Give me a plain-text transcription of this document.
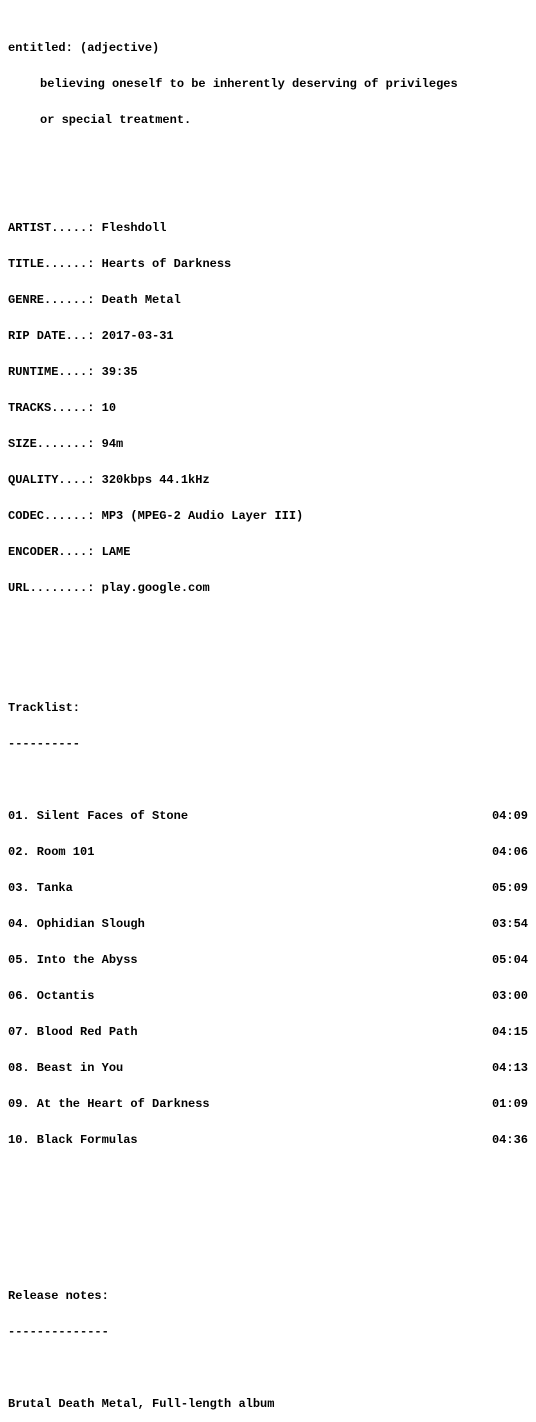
entitled: (adjective)

believing oneself to be inherently deserving of privileges

or special treatment.

ARTIST.....: Fleshdoll

TITLE......: Hearts of Darkness

GENRE......: Death Metal

RIP DATE...: 2017-03-31

RUNTIME....: 39:35

TRACKS.....: 10

SIZE.......: 94m

QUALITY....: 320kbps 44.1kHz

CODEC......: MP3 (MPEG-2 Audio Layer III)

ENCODER....: LAME

URL........: play.google.com

Tracklist:

----------

01. Silent Faces of Stone	04:09

02. Room 101	04:06

03. Tanka	05:09

04. Ophidian Slough	03:54

05. Into the Abyss	05:04

06. Octantis	03:00

07. Blood Red Path	04:15

08. Beast in You	04:13

09. At the Heart of Darkness	01:09

10. Black Formulas	04:36

Release notes:

--------------

Brutal Death Metal, Full-length album
